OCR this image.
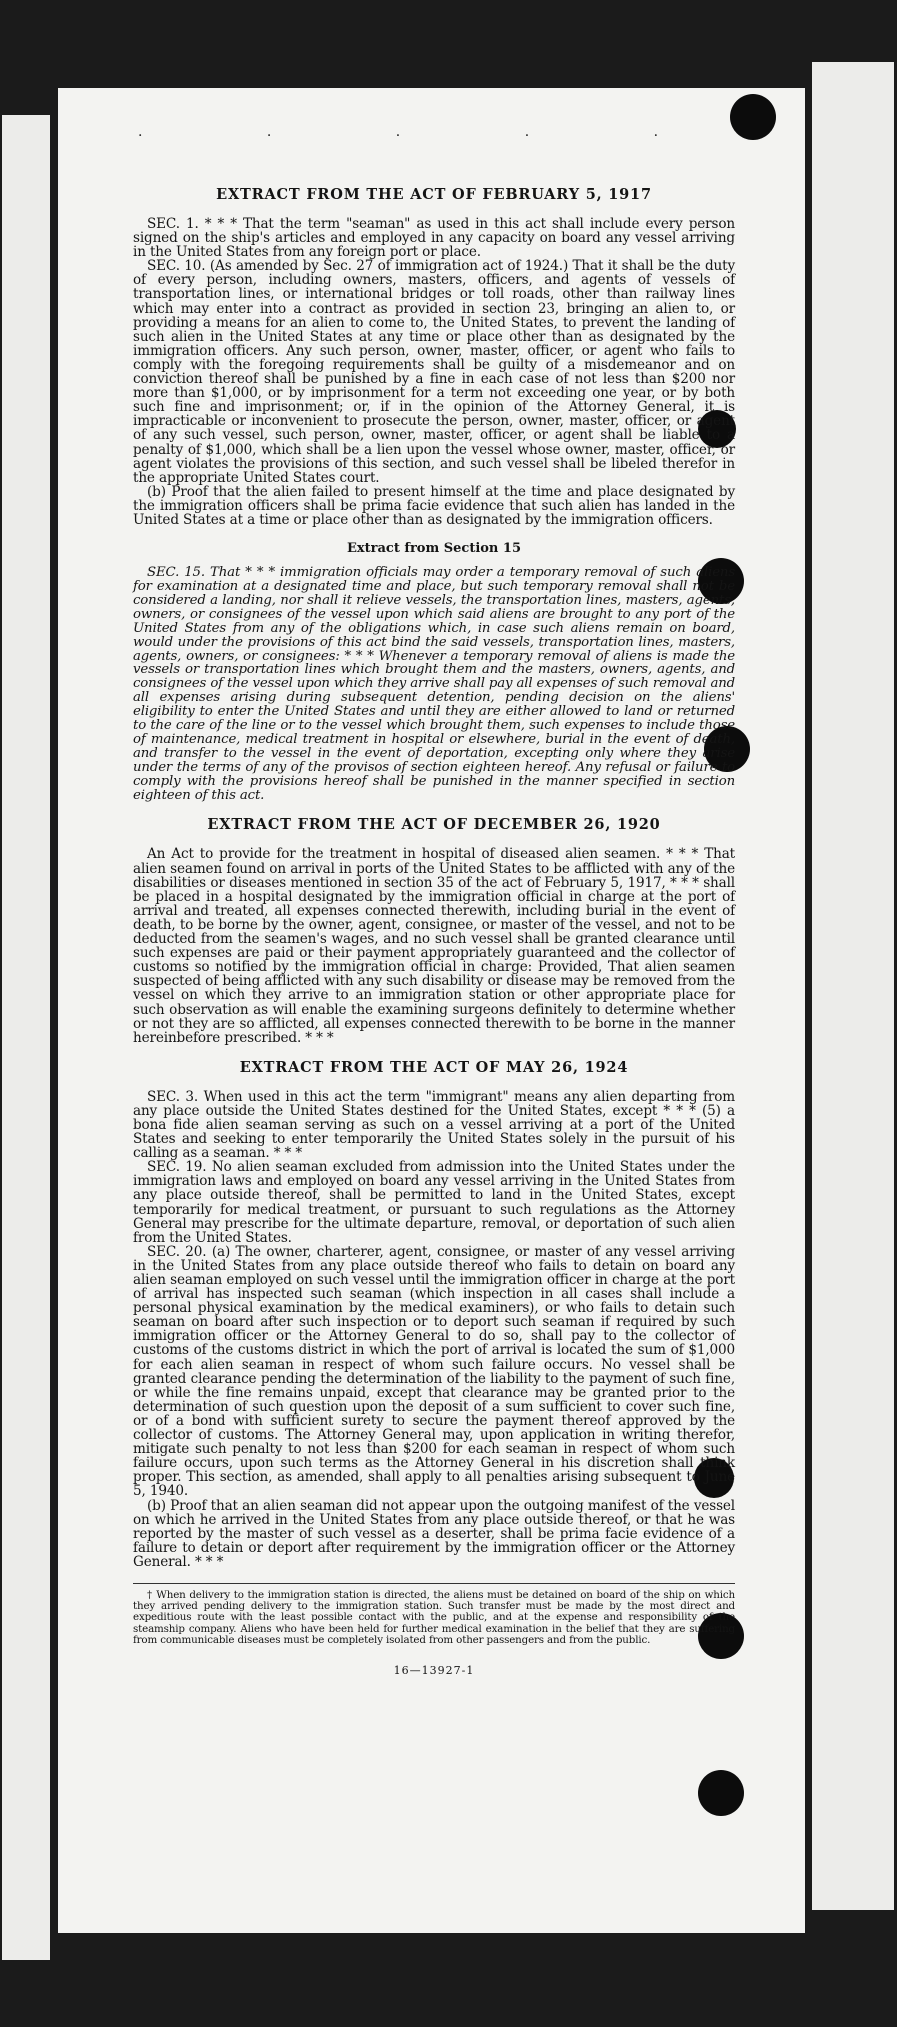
· · · · ·
EXTRACT FROM THE ACT OF FEBRUARY 5, 1917

SEC. 1. * * * That the term "seaman" as used in this act shall include every person signed on the ship's articles and employed in any capacity on board any vessel arriving in the United States from any foreign port or place.

SEC. 10. (As amended by Sec. 27 of immigration act of 1924.) That it shall be the duty of every person, including owners, masters, officers, and agents of vessels of transportation lines, or international bridges or toll roads, other than railway lines which may enter into a contract as provided in section 23, bringing an alien to, or providing a means for an alien to come to, the United States, to prevent the landing of such alien in the United States at any time or place other than as designated by the immigration officers. Any such person, owner, master, officer, or agent who fails to comply with the foregoing requirements shall be guilty of a misdemeanor and on conviction thereof shall be punished by a fine in each case of not less than $200 nor more than $1,000, or by imprisonment for a term not exceeding one year, or by both such fine and imprisonment; or, if in the opinion of the Attorney General, it is impracticable or inconvenient to prosecute the person, owner, master, officer, or agent of any such vessel, such person, owner, master, officer, or agent shall be liable to a penalty of $1,000, which shall be a lien upon the vessel whose owner, master, officer, or agent violates the provisions of this section, and such vessel shall be libeled therefor in the appropriate United States court.

(b) Proof that the alien failed to present himself at the time and place designated by the immigration officers shall be prima facie evidence that such alien has landed in the United States at a time or place other than as designated by the immigration officers.

Extract from Section 15

SEC. 15. That * * * immigration officials may order a temporary removal of such aliens for examination at a designated time and place, but such temporary removal shall not be considered a landing, nor shall it relieve vessels, the transportation lines, masters, agents, owners, or consignees of the vessel upon which said aliens are brought to any port of the United States from any of the obligations which, in case such aliens remain on board, would under the provisions of this act bind the said vessels, transportation lines, masters, agents, owners, or consignees: * * * Whenever a temporary removal of aliens is made the vessels or transportation lines which brought them and the masters, owners, agents, and consignees of the vessel upon which they arrive shall pay all expenses of such removal and all expenses arising during subsequent detention, pending decision on the aliens' eligibility to enter the United States and until they are either allowed to land or returned to the care of the line or to the vessel which brought them, such expenses to include those of maintenance, medical treatment in hospital or elsewhere, burial in the event of death, and transfer to the vessel in the event of deportation, excepting only where they arise under the terms of any of the provisos of section eighteen hereof. Any refusal or failure to comply with the provisions hereof shall be punished in the manner specified in section eighteen of this act.

EXTRACT FROM THE ACT OF DECEMBER 26, 1920

An Act to provide for the treatment in hospital of diseased alien seamen. * * * That alien seamen found on arrival in ports of the United States to be afflicted with any of the disabilities or diseases mentioned in section 35 of the act of February 5, 1917, * * * shall be placed in a hospital designated by the immigration official in charge at the port of arrival and treated, all expenses connected therewith, including burial in the event of death, to be borne by the owner, agent, consignee, or master of the vessel, and not to be deducted from the seamen's wages, and no such vessel shall be granted clearance until such expenses are paid or their payment appropriately guaranteed and the collector of customs so notified by the immigration official in charge: Provided, That alien seamen suspected of being afflicted with any such disability or disease may be removed from the vessel on which they arrive to an immigration station or other appropriate place for such observation as will enable the examining surgeons definitely to determine whether or not they are so afflicted, all expenses connected therewith to be borne in the manner hereinbefore prescribed. * * *

EXTRACT FROM THE ACT OF MAY 26, 1924

SEC. 3. When used in this act the term "immigrant" means any alien departing from any place outside the United States destined for the United States, except * * * (5) a bona fide alien seaman serving as such on a vessel arriving at a port of the United States and seeking to enter temporarily the United States solely in the pursuit of his calling as a seaman. * * *

SEC. 19. No alien seaman excluded from admission into the United States under the immigration laws and employed on board any vessel arriving in the United States from any place outside thereof, shall be permitted to land in the United States, except temporarily for medical treatment, or pursuant to such regulations as the Attorney General may prescribe for the ultimate departure, removal, or deportation of such alien from the United States.

SEC. 20. (a) The owner, charterer, agent, consignee, or master of any vessel arriving in the United States from any place outside thereof who fails to detain on board any alien seaman employed on such vessel until the immigration officer in charge at the port of arrival has inspected such seaman (which inspection in all cases shall include a personal physical examination by the medical examiners), or who fails to detain such seaman on board after such inspection or to deport such seaman if required by such immigration officer or the Attorney General to do so, shall pay to the collector of customs of the customs district in which the port of arrival is located the sum of $1,000 for each alien seaman in respect of whom such failure occurs. No vessel shall be granted clearance pending the determination of the liability to the payment of such fine, or while the fine remains unpaid, except that clearance may be granted prior to the determination of such question upon the deposit of a sum sufficient to cover such fine, or of a bond with sufficient surety to secure the payment thereof approved by the collector of customs. The Attorney General may, upon application in writing therefor, mitigate such penalty to not less than $200 for each seaman in respect of whom such failure occurs, upon such terms as the Attorney General in his discretion shall think proper. This section, as amended, shall apply to all penalties arising subsequent to June 5, 1940.

(b) Proof that an alien seaman did not appear upon the outgoing manifest of the vessel on which he arrived in the United States from any place outside thereof, or that he was reported by the master of such vessel as a deserter, shall be prima facie evidence of a failure to detain or deport after requirement by the immigration officer or the Attorney General. * * *

† When delivery to the immigration station is directed, the aliens must be detained on board of the ship on which they arrived pending delivery to the immigration station. Such transfer must be made by the most direct and expeditious route with the least possible contact with the public, and at the expense and responsibility of the steamship company. Aliens who have been held for further medical examination in the belief that they are suffering from communicable diseases must be completely isolated from other passengers and from the public.

16—13927-1
